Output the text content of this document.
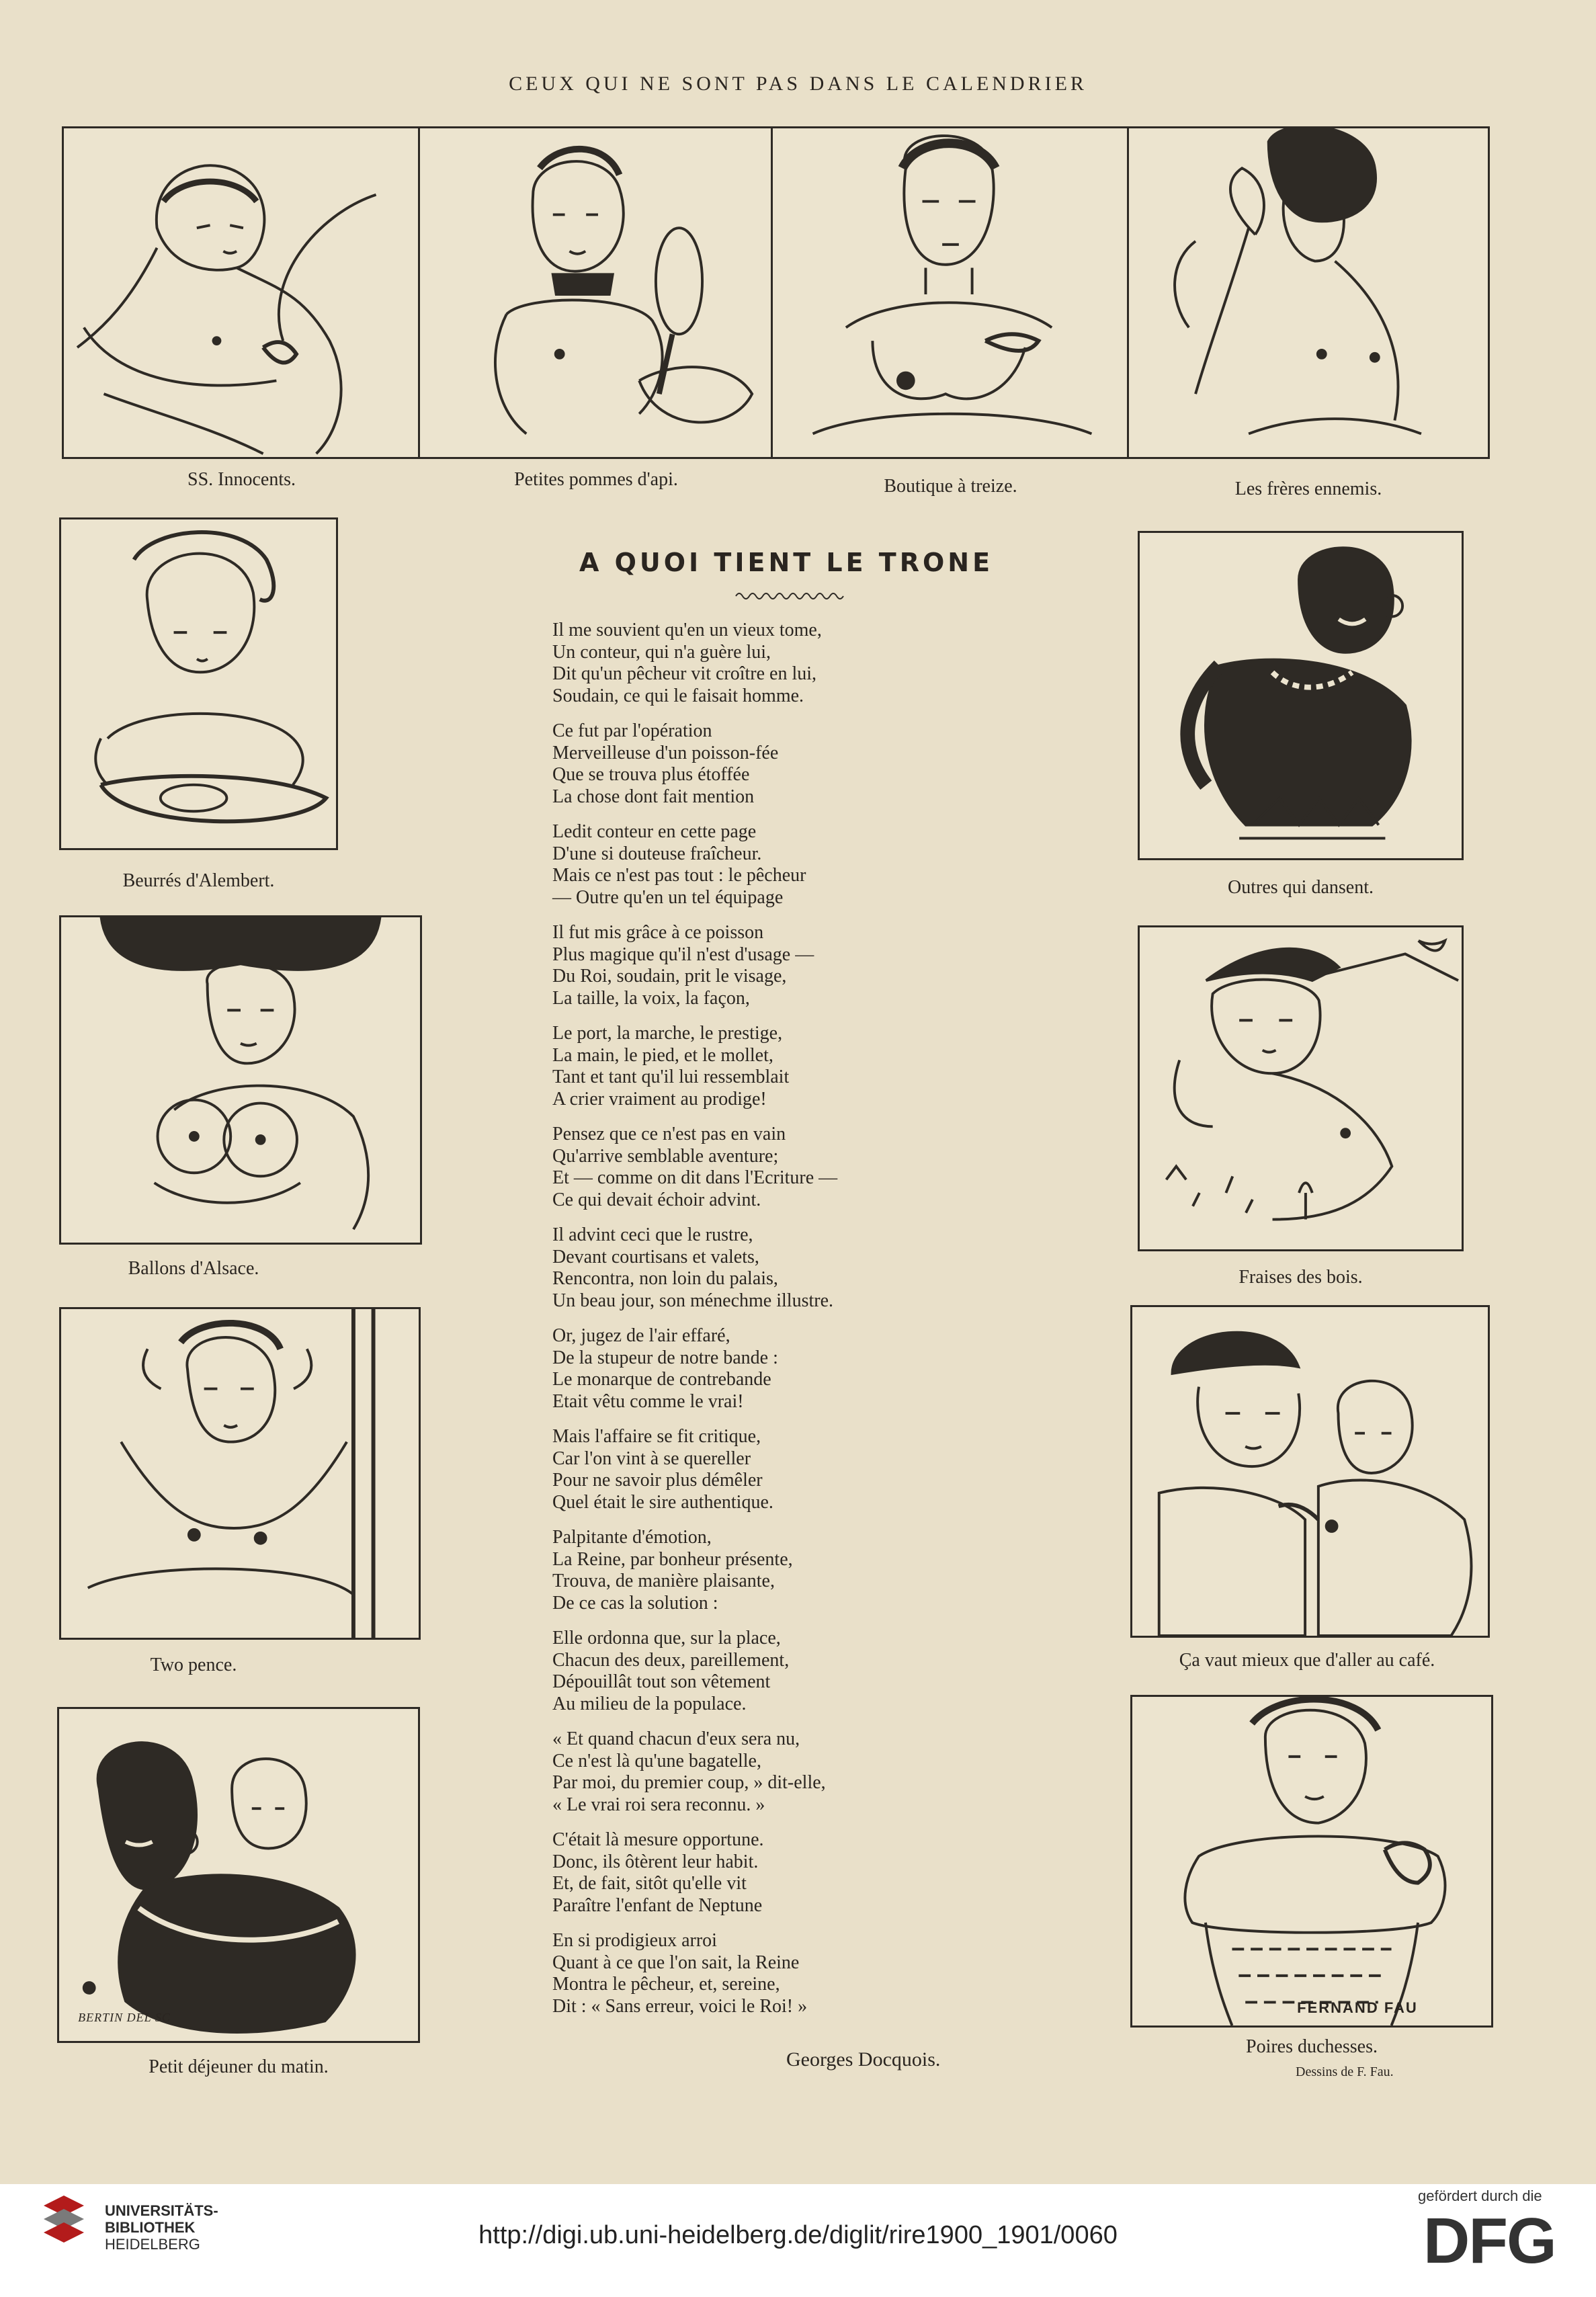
CEUX QUI NE SONT PAS DANS LE CALENDRIER
SS. Innocents.	Petites pommes d'api.	Boutique à treize.	Les frères ennemis.
Beurrés d'Alembert.
Ballons d'Alsace.
Two pence.
BERTIN DEL SC
Petit déjeuner du matin.
Outres qui dansent.
Fraises des bois.
Ça vaut mieux que d'aller au café.
FERNAND FAU
Poires duchesses.
A QUOI TIENT LE TRONE
Il me souvient qu'en un vieux tome,
Un conteur, qui n'a guère lui,
Dit qu'un pêcheur vit croître en lui,
Soudain, ce qui le faisait homme.
Ce fut par l'opération
Merveilleuse d'un poisson-fée
Que se trouva plus étoffée
La chose dont fait mention
Ledit conteur en cette page
D'une si douteuse fraîcheur.
Mais ce n'est pas tout : le pêcheur
— Outre qu'en un tel équipage
Il fut mis grâce à ce poisson
Plus magique qu'il n'est d'usage —
Du Roi, soudain, prit le visage,
La taille, la voix, la façon,
Le port, la marche, le prestige,
La main, le pied, et le mollet,
Tant et tant qu'il lui ressemblait
A crier vraiment au prodige!
Pensez que ce n'est pas en vain
Qu'arrive semblable aventure;
Et — comme on dit dans l'Ecriture —
Ce qui devait échoir advint.
Il advint ceci que le rustre,
Devant courtisans et valets,
Rencontra, non loin du palais,
Un beau jour, son ménechme illustre.
Or, jugez de l'air effaré,
De la stupeur de notre bande :
Le monarque de contrebande
Etait vêtu comme le vrai!
Mais l'affaire se fit critique,
Car l'on vint à se quereller
Pour ne savoir plus démêler
Quel était le sire authentique.
Palpitante d'émotion,
La Reine, par bonheur présente,
Trouva, de manière plaisante,
De ce cas la solution :
Elle ordonna que, sur la place,
Chacun des deux, pareillement,
Dépouillât tout son vêtement
Au milieu de la populace.
« Et quand chacun d'eux sera nu,
Ce n'est là qu'une bagatelle,
Par moi, du premier coup, » dit-elle,
« Le vrai roi sera reconnu. »
C'était là mesure opportune.
Donc, ils ôtèrent leur habit.
Et, de fait, sitôt qu'elle vit
Paraître l'enfant de Neptune
En si prodigieux arroi
Quant à ce que l'on sait, la Reine
Montra le pêcheur, et, sereine,
Dit : « Sans erreur, voici le Roi! »
Georges Docquois.
Dessins de F. Fau.
UNIVERSITÄTS-
BIBLIOTHEK
HEIDELBERG	http://digi.ub.uni-heidelberg.de/diglit/rire1900_1901/0060
gefördert durch die
DFG
